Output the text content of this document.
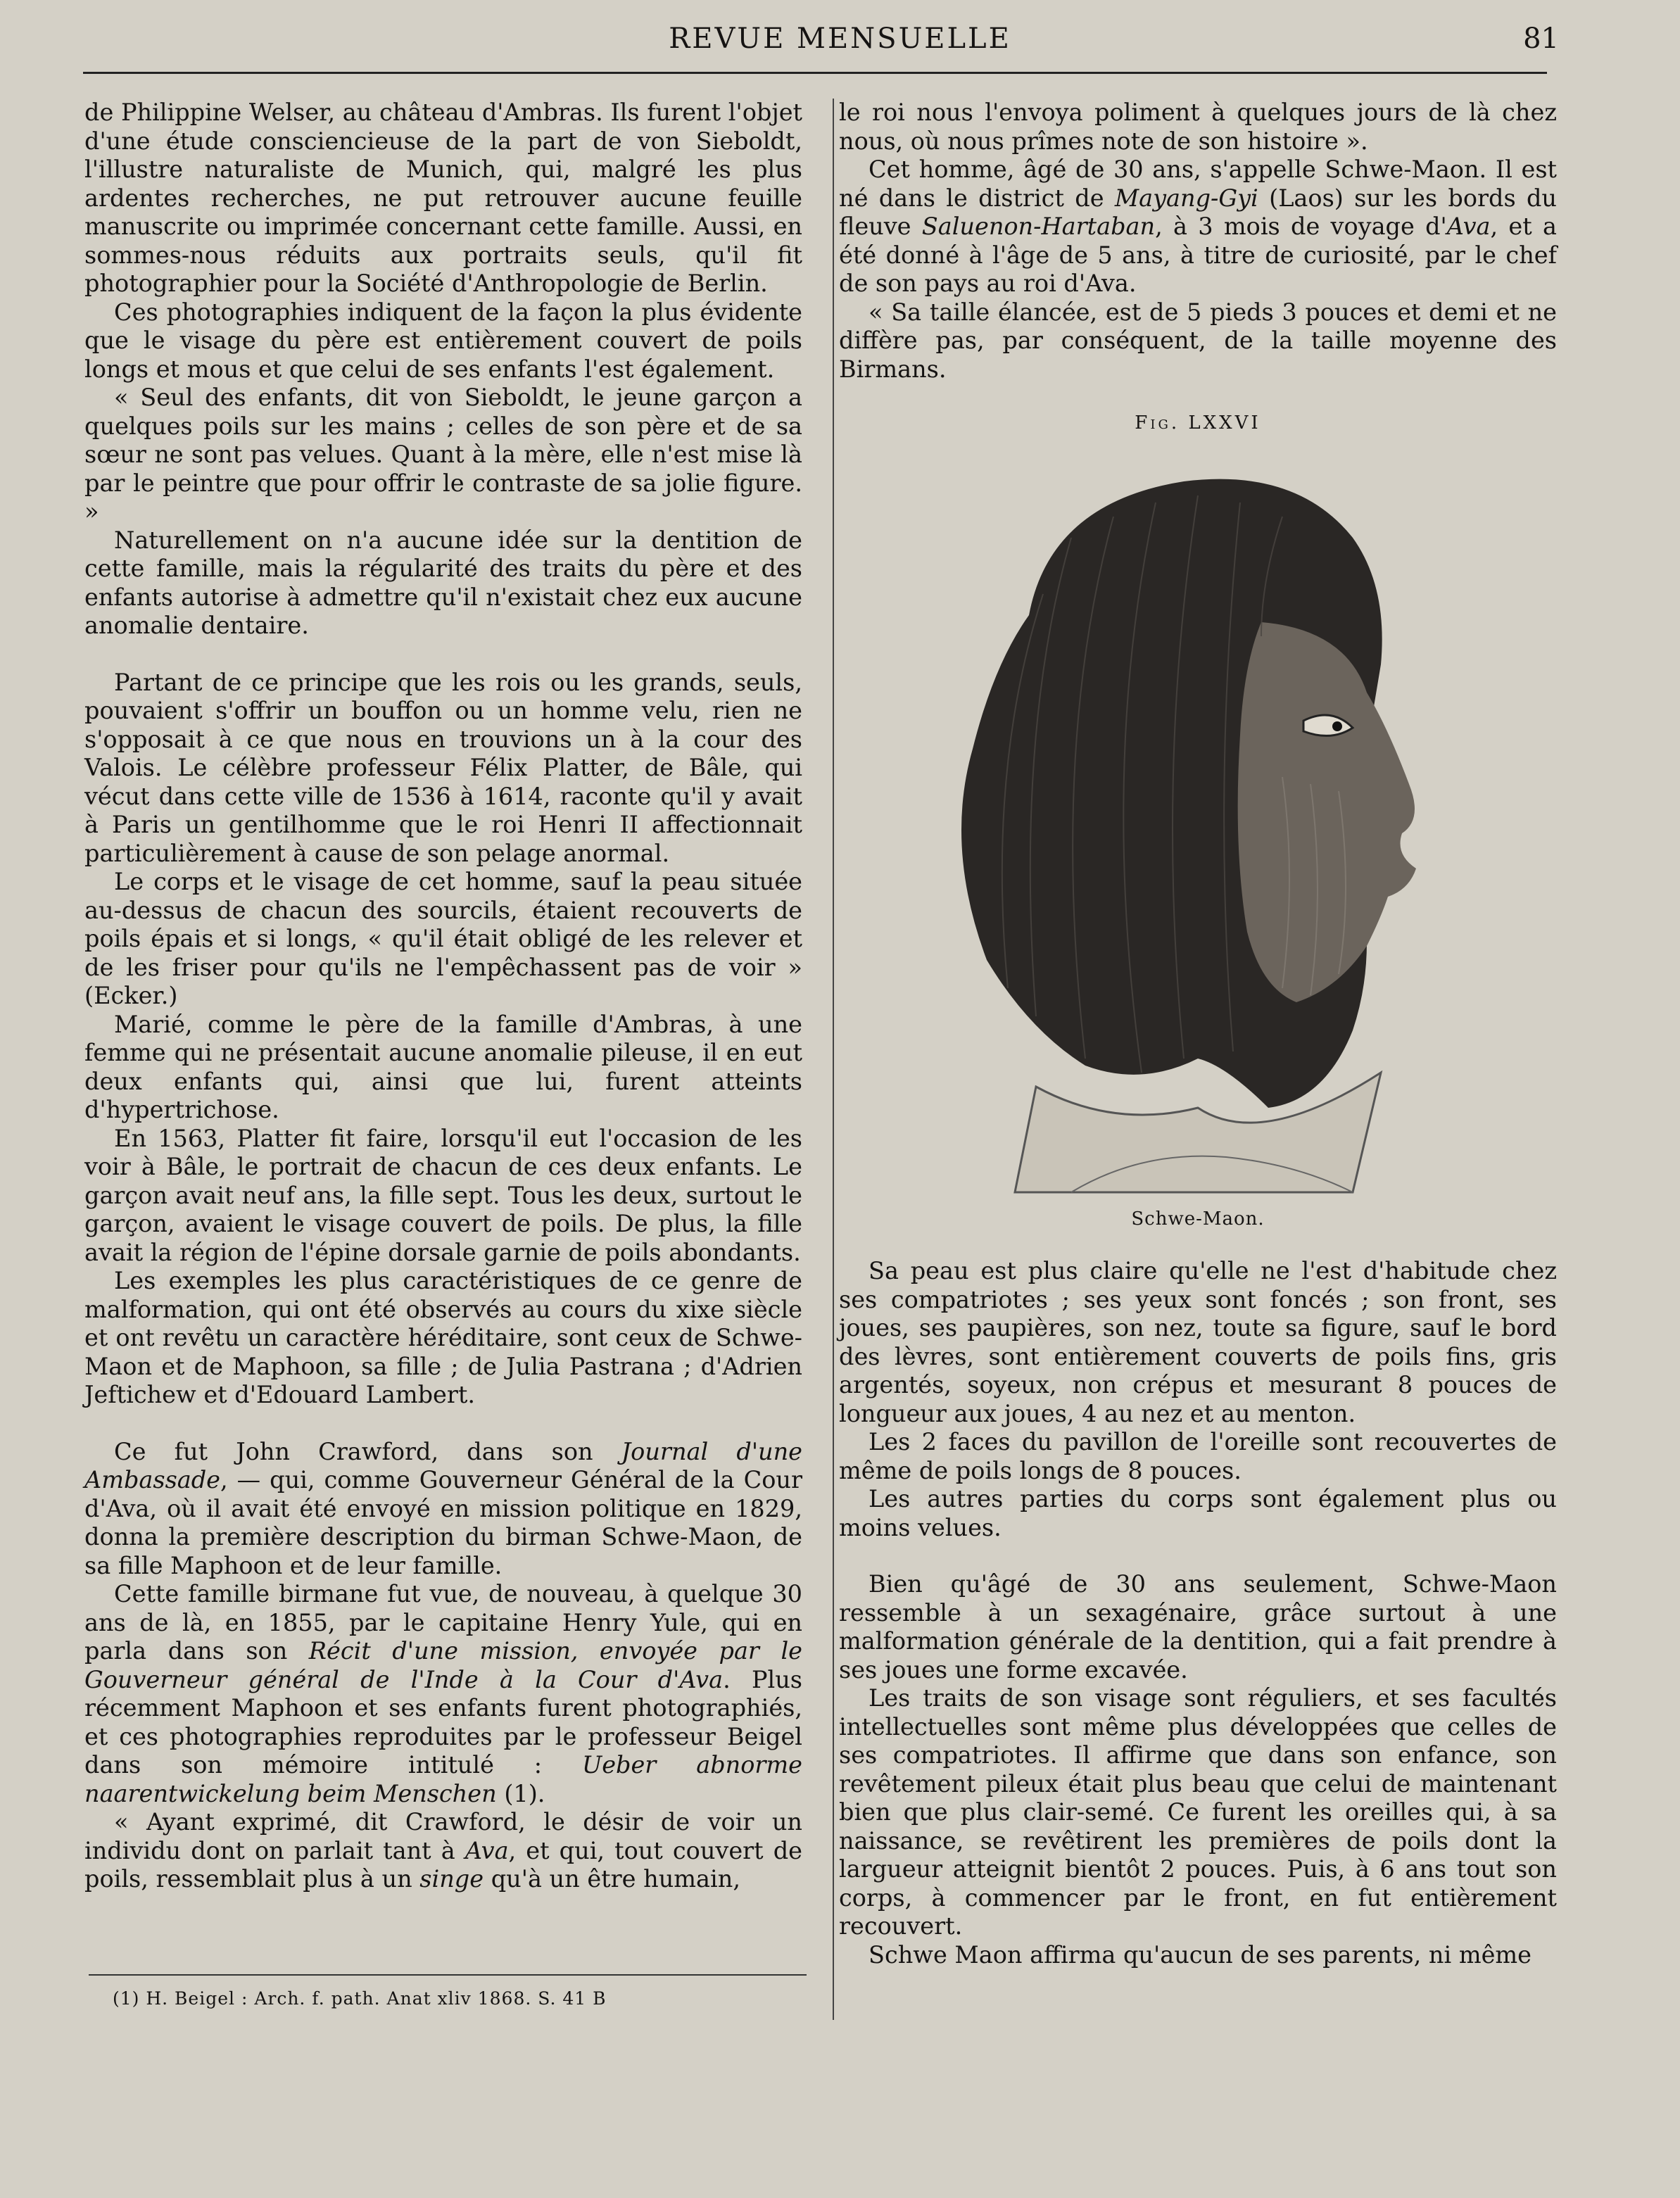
REVUE MENSUELLE	81

de Philippine Welser, au château d'Ambras. Ils furent l'objet d'une étude consciencieuse de la part de von Sieboldt, l'illustre naturaliste de Munich, qui, malgré les plus ardentes recherches, ne put retrouver aucune feuille manuscrite ou imprimée concernant cette famille. Aussi, en sommes-nous réduits aux portraits seuls, qu'il fit photographier pour la Société d'Anthropologie de Berlin.

Ces photographies indiquent de la façon la plus évidente que le visage du père est entièrement couvert de poils longs et mous et que celui de ses enfants l'est également.

« Seul des enfants, dit von Sieboldt, le jeune garçon a quelques poils sur les mains ; celles de son père et de sa sœur ne sont pas velues. Quant à la mère, elle n'est mise là par le peintre que pour offrir le contraste de sa jolie figure. »

Naturellement on n'a aucune idée sur la dentition de cette famille, mais la régularité des traits du père et des enfants autorise à admettre qu'il n'existait chez eux aucune anomalie dentaire.

Partant de ce principe que les rois ou les grands, seuls, pouvaient s'offrir un bouffon ou un homme velu, rien ne s'opposait à ce que nous en trouvions un à la cour des Valois. Le célèbre professeur Félix Platter, de Bâle, qui vécut dans cette ville de 1536 à 1614, raconte qu'il y avait à Paris un gentilhomme que le roi Henri II affectionnait particulièrement à cause de son pelage anormal.

Le corps et le visage de cet homme, sauf la peau située au-dessus de chacun des sourcils, étaient recouverts de poils épais et si longs, « qu'il était obligé de les relever et de les friser pour qu'ils ne l'empêchassent pas de voir » (Ecker.)

Marié, comme le père de la famille d'Ambras, à une femme qui ne présentait aucune anomalie pileuse, il en eut deux enfants qui, ainsi que lui, furent atteints d'hypertrichose.

En 1563, Platter fit faire, lorsqu'il eut l'occasion de les voir à Bâle, le portrait de chacun de ces deux enfants. Le garçon avait neuf ans, la fille sept. Tous les deux, surtout le garçon, avaient le visage couvert de poils. De plus, la fille avait la région de l'épine dorsale garnie de poils abondants.

Les exemples les plus caractéristiques de ce genre de malformation, qui ont été observés au cours du xixe siècle et ont revêtu un caractère héréditaire, sont ceux de Schwe-Maon et de Maphoon, sa fille ; de Julia Pastrana ; d'Adrien Jeftichew et d'Edouard Lambert.

Ce fut John Crawford, dans son Journal d'une Ambassade, — qui, comme Gouverneur Général de la Cour d'Ava, où il avait été envoyé en mission politique en 1829, donna la première description du birman Schwe-Maon, de sa fille Maphoon et de leur famille.

Cette famille birmane fut vue, de nouveau, à quelque 30 ans de là, en 1855, par le capitaine Henry Yule, qui en parla dans son Récit d'une mission, envoyée par le Gouverneur général de l'Inde à la Cour d'Ava. Plus récemment Maphoon et ses enfants furent photographiés, et ces photographies reproduites par le professeur Beigel dans son mémoire intitulé : Ueber abnorme naarentwickelung beim Menschen (1).

« Ayant exprimé, dit Crawford, le désir de voir un individu dont on parlait tant à Ava, et qui, tout couvert de poils, ressemblait plus à un singe qu'à un être humain,

le roi nous l'envoya poliment à quelques jours de là chez nous, où nous prîmes note de son histoire ».

Cet homme, âgé de 30 ans, s'appelle Schwe-Maon. Il est né dans le district de Mayang-Gyi (Laos) sur les bords du fleuve Saluenon-Hartaban, à 3 mois de voyage d'Ava, et a été donné à l'âge de 5 ans, à titre de curiosité, par le chef de son pays au roi d'Ava.

« Sa taille élancée, est de 5 pieds 3 pouces et demi et ne diffère pas, par conséquent, de la taille moyenne des Birmans.

Fig. LXXVI
Schwe-Maon.

Sa peau est plus claire qu'elle ne l'est d'habitude chez ses compatriotes ; ses yeux sont foncés ; son front, ses joues, ses paupières, son nez, toute sa figure, sauf le bord des lèvres, sont entièrement couverts de poils fins, gris argentés, soyeux, non crépus et mesurant 8 pouces de longueur aux joues, 4 au nez et au menton.

Les 2 faces du pavillon de l'oreille sont recouvertes de même de poils longs de 8 pouces.

Les autres parties du corps sont également plus ou moins velues.

Bien qu'âgé de 30 ans seulement, Schwe-Maon ressemble à un sexagénaire, grâce surtout à une malformation générale de la dentition, qui a fait prendre à ses joues une forme excavée.

Les traits de son visage sont réguliers, et ses facultés intellectuelles sont même plus développées que celles de ses compatriotes. Il affirme que dans son enfance, son revêtement pileux était plus beau que celui de maintenant bien que plus clair-semé. Ce furent les oreilles qui, à sa naissance, se revêtirent les premières de poils dont la largueur atteignit bientôt 2 pouces. Puis, à 6 ans tout son corps, à commencer par le front, en fut entièrement recouvert.

Schwe Maon affirma qu'aucun de ses parents, ni même

(1) H. Beigel : Arch. f. path. Anat xliv 1868. S. 41 B
